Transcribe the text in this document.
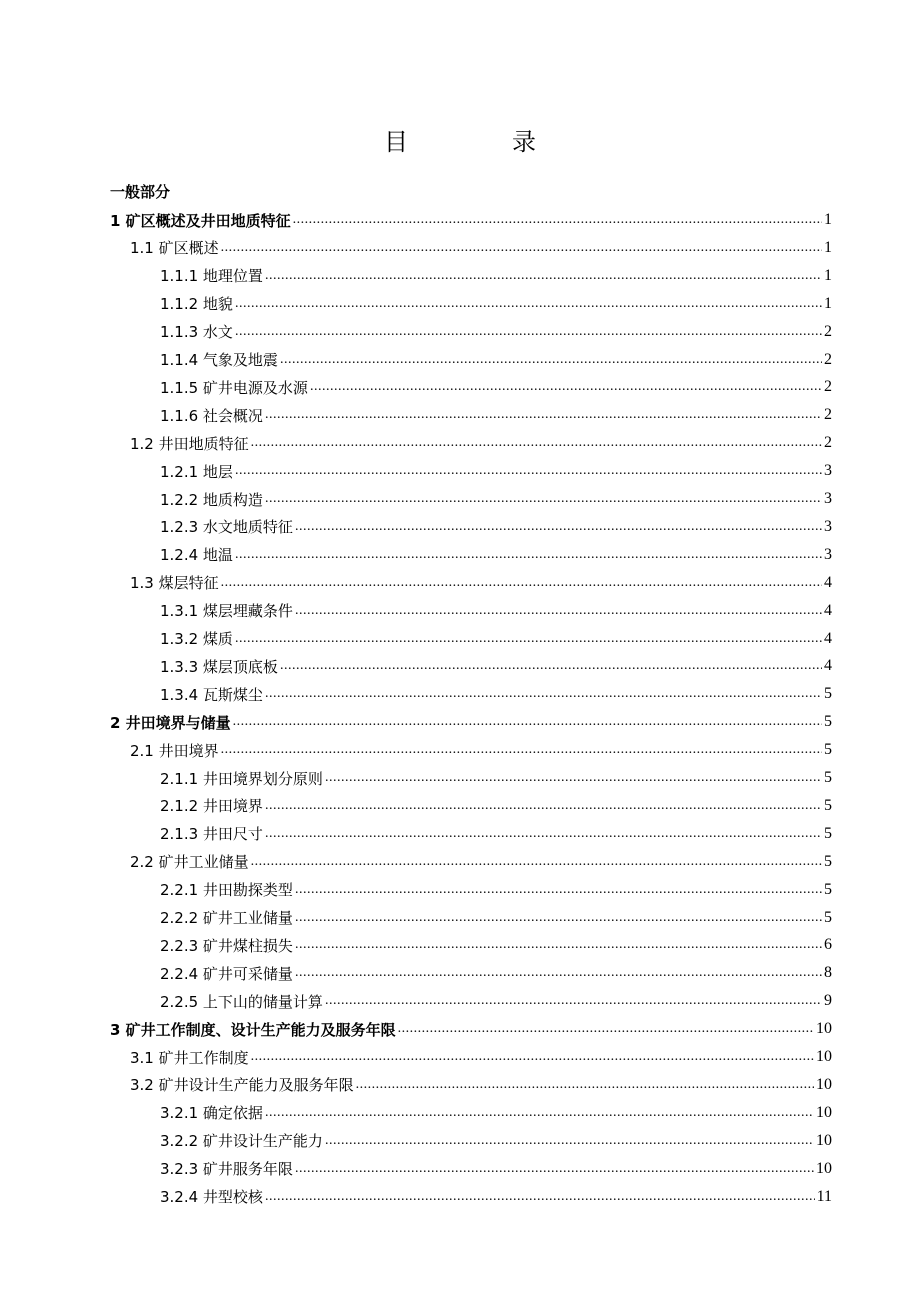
目　录
一般部分
1 矿区概述及井田地质特征 .....	1
1.1 矿区概述 .....	1
1.1.1 地理位置 .....	1
1.1.2 地貌 .....	1
1.1.3 水文 .....	2
1.1.4 气象及地震 .....	2
1.1.5 矿井电源及水源 .....	2
1.1.6 社会概况 .....	2
1.2 井田地质特征 .....	2
1.2.1 地层 .....	3
1.2.2 地质构造 .....	3
1.2.3 水文地质特征 .....	3
1.2.4 地温 .....	3
1.3 煤层特征 .....	4
1.3.1 煤层埋藏条件 .....	4
1.3.2 煤质 .....	4
1.3.3 煤层顶底板 .....	4
1.3.4 瓦斯煤尘 .....	5
2 井田境界与储量 .....	5
2.1 井田境界 .....	5
2.1.1 井田境界划分原则 .....	5
2.1.2 井田境界 .....	5
2.1.3 井田尺寸 .....	5
2.2 矿井工业储量 .....	5
2.2.1 井田勘探类型 .....	5
2.2.2 矿井工业储量 .....	5
2.2.3 矿井煤柱损失 .....	6
2.2.4 矿井可采储量 .....	8
2.2.5 上下山的储量计算 .....	9
3 矿井工作制度、设计生产能力及服务年限 .....	10
3.1 矿井工作制度 .....	10
3.2 矿井设计生产能力及服务年限 .....	10
3.2.1 确定依据 .....	10
3.2.2 矿井设计生产能力 .....	10
3.2.3 矿井服务年限 .....	10
3.2.4 井型校核 .....	11
